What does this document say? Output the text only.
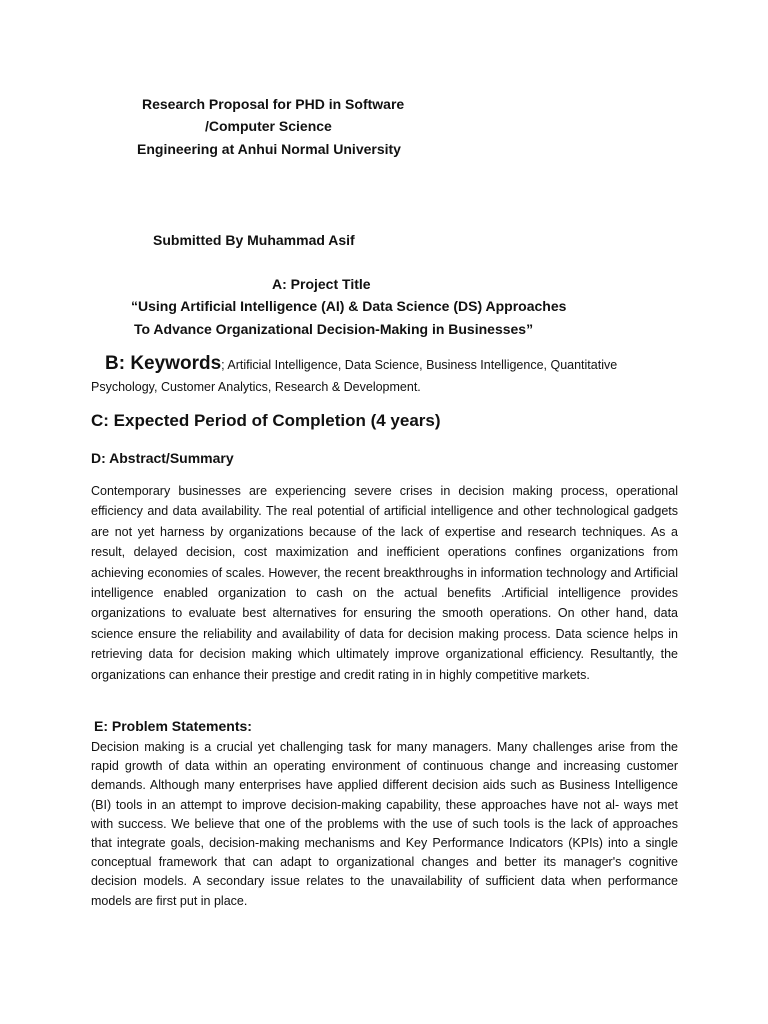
Research Proposal for PHD in Software
/Computer Science
Engineering at Anhui Normal University
Submitted By Muhammad Asif
A: Project Title
“Using Artificial Intelligence (AI) & Data Science (DS) Approaches
To Advance Organizational Decision-Making in Businesses”

B: Keywords; Artificial Intelligence, Data Science, Business Intelligence, Quantitative Psychology, Customer Analytics, Research & Development.

C: Expected Period of Completion (4 years)
D: Abstract/Summary

Contemporary businesses are experiencing severe crises in decision making process, operational efficiency and data availability. The real potential of artificial intelligence and other technological gadgets are not yet harness by organizations because of the lack of expertise and research techniques. As a result, delayed decision, cost maximization and inefficient operations confines organizations from achieving economies of scales. However, the recent breakthroughs in information technology and Artificial intelligence enabled organization to cash on the actual benefits .Artificial intelligence provides organizations to evaluate best alternatives for ensuring the smooth operations. On other hand, data science ensure the reliability and availability of data for decision making process. Data science helps in retrieving data for decision making which ultimately improve organizational efficiency. Resultantly, the organizations can enhance their prestige and credit rating in in highly competitive markets.

E: Problem Statements:

Decision making is a crucial yet challenging task for many managers. Many challenges arise from the rapid growth of data within an operating environment of continuous change and increasing customer demands. Although many enterprises have applied different decision aids such as Business Intelligence (BI) tools in an attempt to improve decision-making capability, these approaches have not al- ways met with success. We believe that one of the problems with the use of such tools is the lack of approaches that integrate goals, decision-making mechanisms and Key Performance Indicators (KPIs) into a single conceptual framework that can adapt to organizational changes and better its manager's cognitive decision models. A secondary issue relates to the unavailability of sufficient data when performance models are first put in place.
